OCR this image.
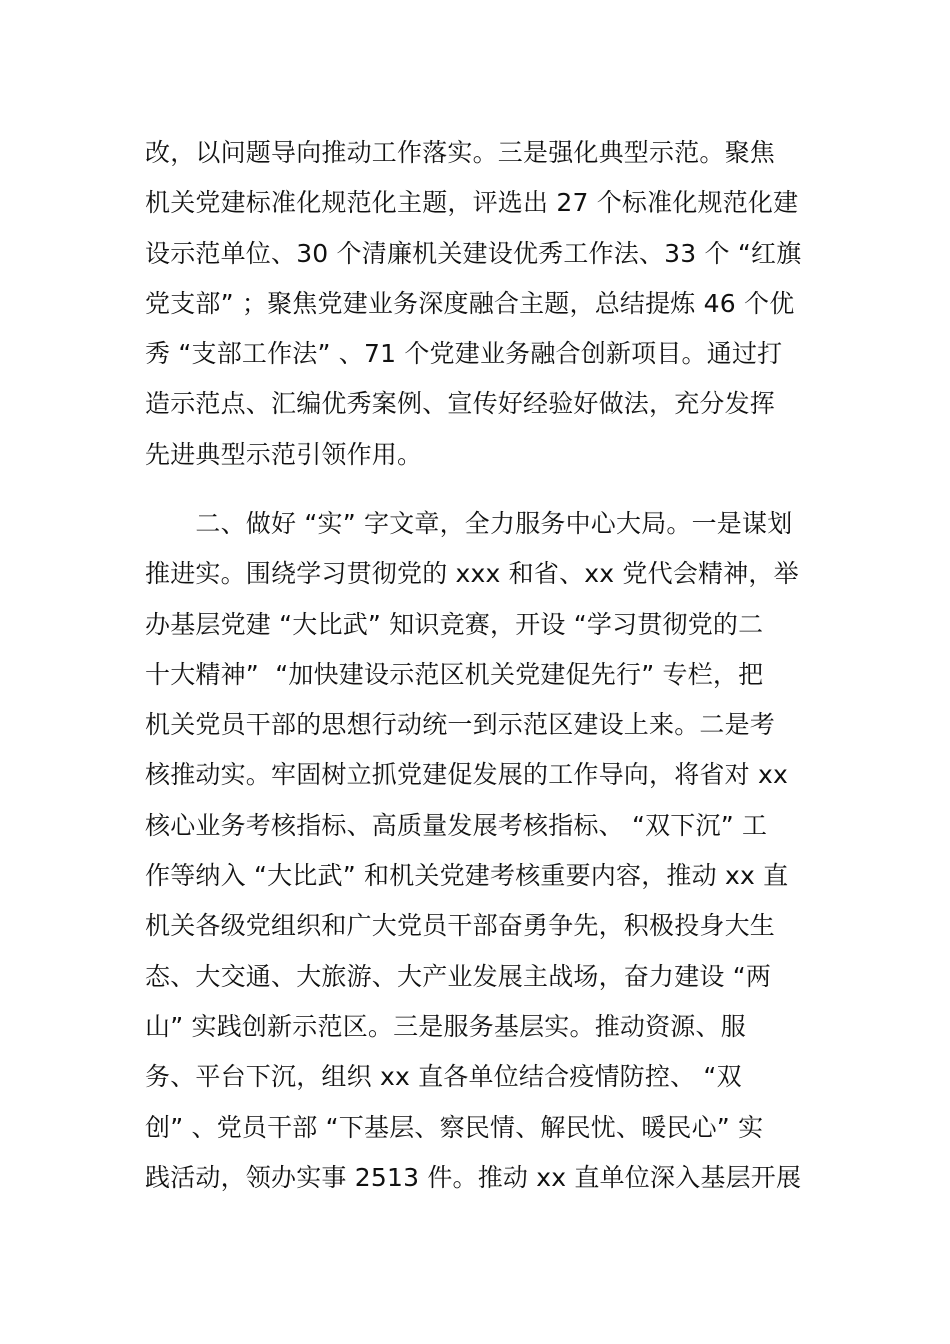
改，以问题导向推动工作落实。三是强化典型示范。聚焦
机关党建标准化规范化主题，评选出 27 个标准化规范化建
设示范单位、30 个清廉机关建设优秀工作法、33 个 “红旗
党支部” ；聚焦党建业务深度融合主题，总结提炼 46 个优
秀 “支部工作法” 、71 个党建业务融合创新项目。通过打
造示范点、汇编优秀案例、宣传好经验好做法，充分发挥
先进典型示范引领作用。
　　二、做好 “实” 字文章，全力服务中心大局。一是谋划
推进实。围绕学习贯彻党的 xxx 和省、xx 党代会精神，举
办基层党建 “大比武” 知识竞赛，开设 “学习贯彻党的二
十大精神”  “加快建设示范区机关党建促先行” 专栏，把
机关党员干部的思想行动统一到示范区建设上来。二是考
核推动实。牢固树立抓党建促发展的工作导向，将省对 xx
核心业务考核指标、高质量发展考核指标、 “双下沉” 工
作等纳入 “大比武” 和机关党建考核重要内容，推动 xx 直
机关各级党组织和广大党员干部奋勇争先，积极投身大生
态、大交通、大旅游、大产业发展主战场，奋力建设 “两
山” 实践创新示范区。三是服务基层实。推动资源、服
务、平台下沉，组织 xx 直各单位结合疫情防控、 “双
创” 、党员干部 “下基层、察民情、解民忧、暖民心” 实
践活动，领办实事 2513 件。推动 xx 直单位深入基层开展
